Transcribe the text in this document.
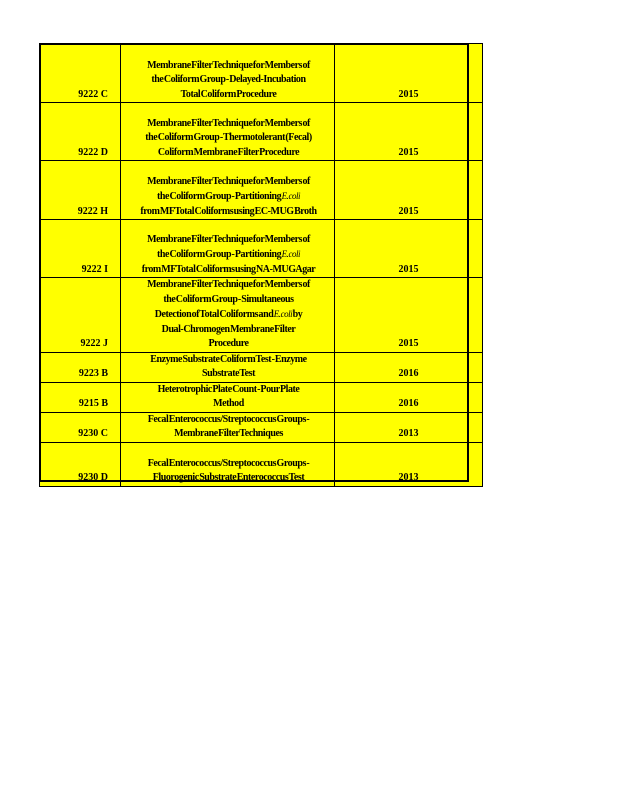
9222 C	Membrane Filter Technique for Members of
the Coliform Group - Delayed-Incubation
Total Coliform Procedure	2015
9222 D	Membrane Filter Technique for Members of
the Coliform Group - Thermotolerant (Fecal)
Coliform Membrane Filter Procedure	2015
9222 H	Membrane Filter Technique for Members of
the Coliform Group - Partitioning E. coli
from MF Total Coliforms using EC-MUG Broth	2015
9222 I	Membrane Filter Technique for Members of
the Coliform Group - Partitioning E. coli
from MF Total Coliforms using NA-MUG Agar	2015
9222 J	Membrane Filter Technique for Members of
the Coliform Group - Simultaneous
Detection of Total Coliforms and E. coli by
Dual-Chromogen Membrane Filter
Procedure	2015
9223 B	Enzyme Substrate Coliform Test - Enzyme
Substrate Test	2016
9215 B	Heterotrophic Plate Count - Pour Plate
Method	2016
9230 C	Fecal Enterococcus/Streptococcus Groups -
Membrane Filter Techniques	2013
9230 D	Fecal Enterococcus/Streptococcus Groups -
Fluorogenic Substrate Enterococcus Test	2013
